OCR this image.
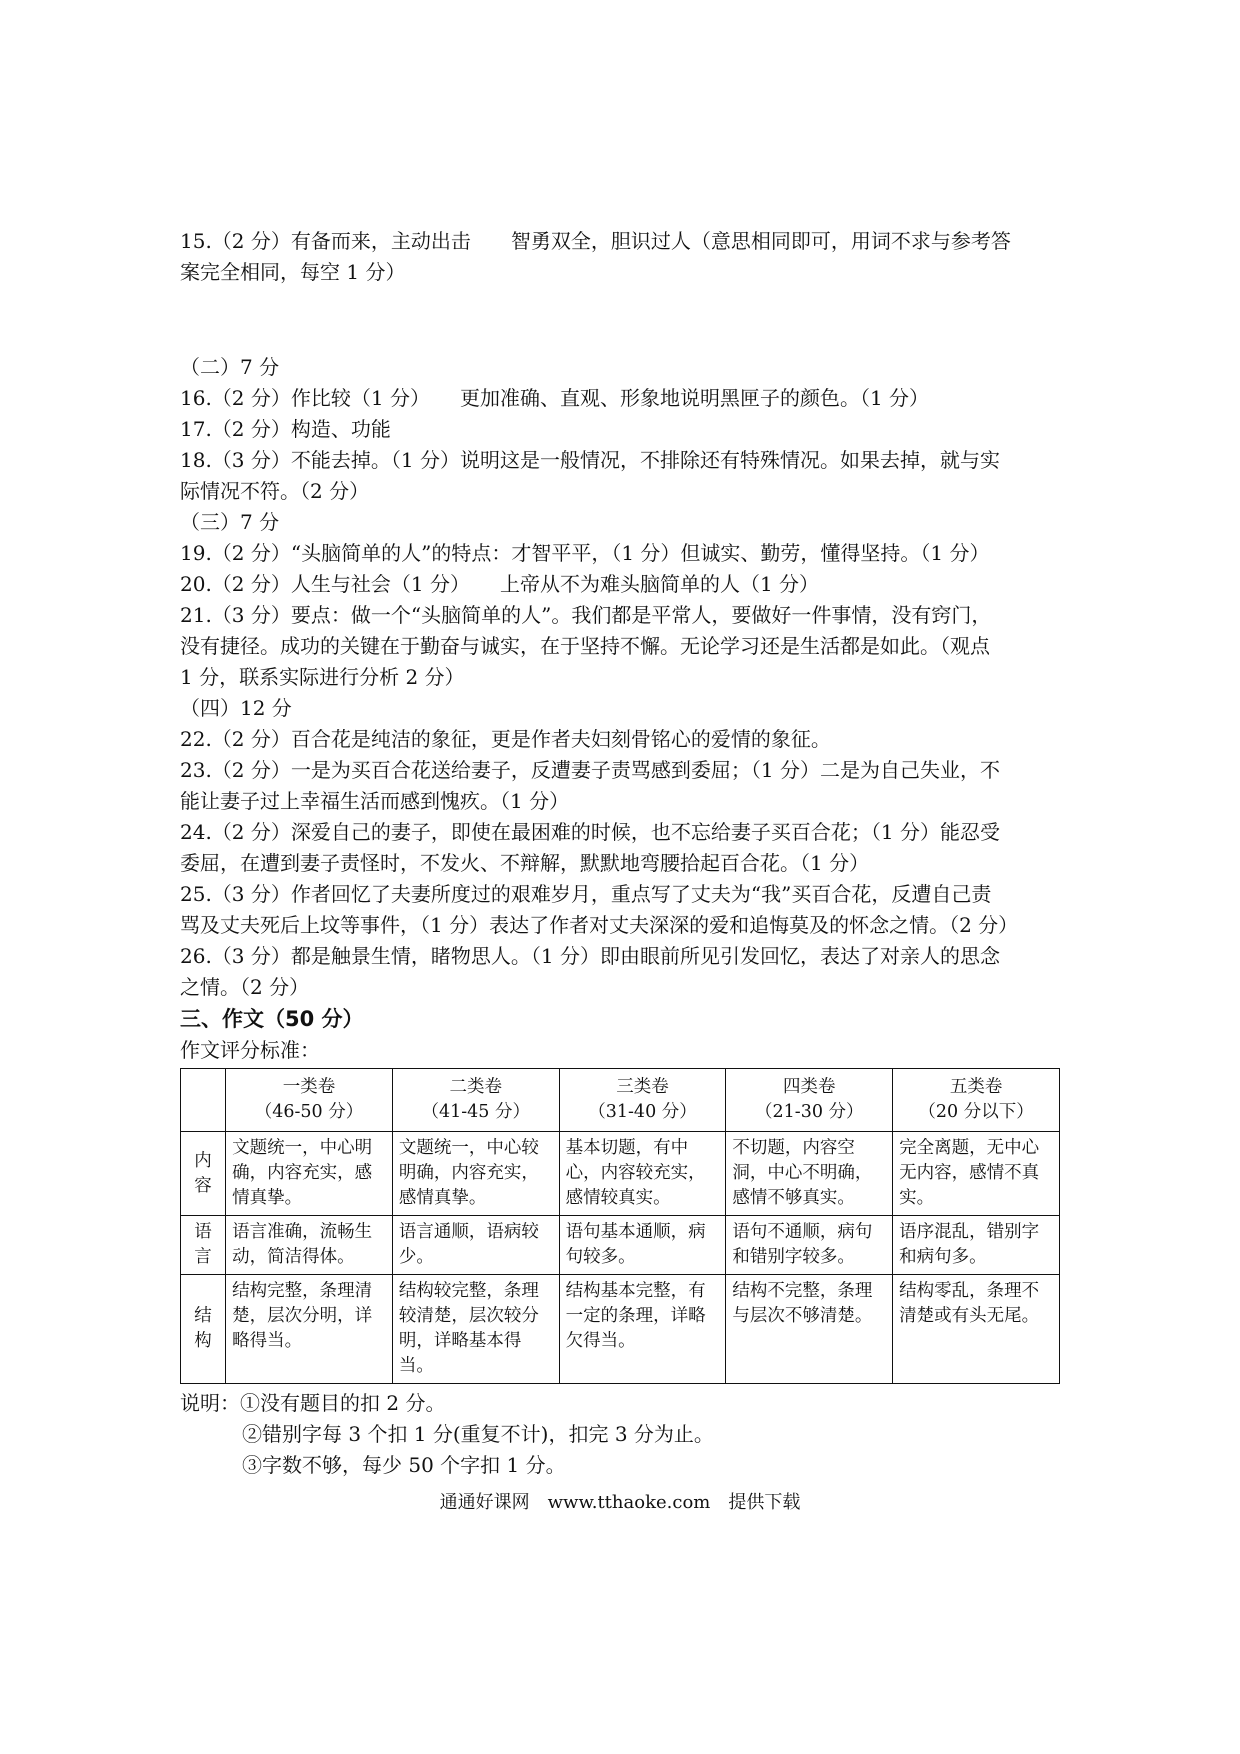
15.（2 分）有备而来，主动出击　　智勇双全，胆识过人（意思相同即可，用词不求与参考答

案完全相同，每空 1 分）

（二）7 分

16.（2 分）作比较（1 分）　　更加准确、直观、形象地说明黑匣子的颜色。（1 分）

17.（2 分）构造、功能

18.（3 分）不能去掉。（1 分）说明这是一般情况，不排除还有特殊情况。如果去掉，就与实

际情况不符。（2 分）

（三）7 分

19.（2 分）“头脑简单的人”的特点：才智平平，（1 分）但诚实、勤劳，懂得坚持。（1 分）

20.（2 分）人生与社会（1 分）　　上帝从不为难头脑简单的人（1 分）

21.（3 分）要点：做一个“头脑简单的人”。我们都是平常人，要做好一件事情，没有窍门，

没有捷径。成功的关键在于勤奋与诚实，在于坚持不懈。无论学习还是生活都是如此。（观点

1 分，联系实际进行分析 2 分）

（四）12 分

22.（2 分）百合花是纯洁的象征，更是作者夫妇刻骨铭心的爱情的象征。

23.（2 分）一是为买百合花送给妻子，反遭妻子责骂感到委屈；（1 分）二是为自己失业，不

能让妻子过上幸福生活而感到愧疚。（1 分）

24.（2 分）深爱自己的妻子，即使在最困难的时候，也不忘给妻子买百合花；（1 分）能忍受

委屈，在遭到妻子责怪时，不发火、不辩解，默默地弯腰拾起百合花。（1 分）

25.（3 分）作者回忆了夫妻所度过的艰难岁月，重点写了丈夫为“我”买百合花，反遭自己责

骂及丈夫死后上坟等事件，（1 分）表达了作者对丈夫深深的爱和追悔莫及的怀念之情。（2 分）

26.（3 分）都是触景生情，睹物思人。（1 分）即由眼前所见引发回忆，表达了对亲人的思念

之情。（2 分）

三、作文（50 分）

作文评分标准：

	一类卷
（46-50 分）	二类卷
（41-45 分）	三类卷
（31-40 分）	四类卷
（21-30 分）	五类卷
（20 分以下）

内
容	文题统一，中心明确，内容充实，感情真挚。	文题统一，中心较明确，内容充实，感情真挚。	基本切题，有中心，内容较充实，感情较真实。	不切题，内容空洞，中心不明确，感情不够真实。	完全离题，无中心无内容，感情不真实。
语
言	语言准确，流畅生动，简洁得体。	语言通顺，语病较少。	语句基本通顺，病句较多。	语句不通顺，病句和错别字较多。	语序混乱，错别字和病句多。
结
构	结构完整，条理清楚，层次分明，详略得当。	结构较完整，条理较清楚，层次较分明，详略基本得当。	结构基本完整，有一定的条理，详略欠得当。	结构不完整，条理与层次不够清楚。	结构零乱，条理不清楚或有头无尾。

说明：①没有题目的扣 2 分。

②错别字每 3 个扣 1 分(重复不计)，扣完 3 分为止。

③字数不够，每少 50 个字扣 1 分。

通通好课网　www.tthaoke.com　提供下载
